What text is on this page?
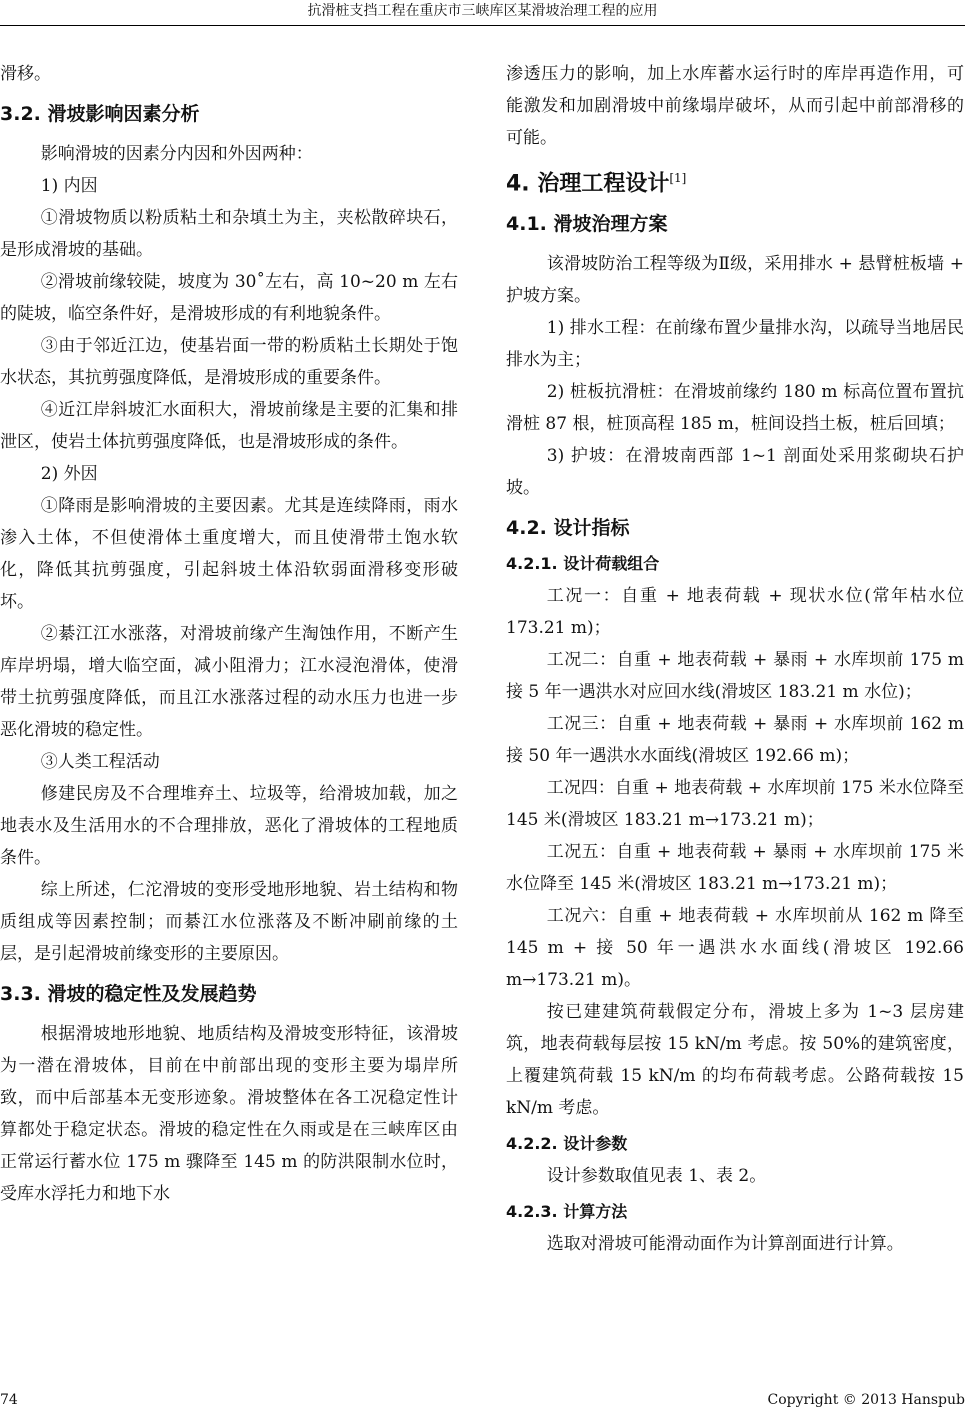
抗滑桩支挡工程在重庆市三峡库区某滑坡治理工程的应用

滑移。

3.2. 滑坡影响因素分析

影响滑坡的因素分内因和外因两种：

1) 内因

①滑坡物质以粉质粘土和杂填土为主，夹松散碎块石，是形成滑坡的基础。

②滑坡前缘较陡，坡度为 30˚左右，高 10~20 m 左右的陡坡，临空条件好，是滑坡形成的有利地貌条件。

③由于邻近江边，使基岩面一带的粉质粘土长期处于饱水状态，其抗剪强度降低，是滑坡形成的重要条件。

④近江岸斜坡汇水面积大，滑坡前缘是主要的汇集和排泄区，使岩土体抗剪强度降低，也是滑坡形成的条件。

2) 外因

①降雨是影响滑坡的主要因素。尤其是连续降雨，雨水渗入土体，不但使滑体土重度增大，而且使滑带土饱水软化，降低其抗剪强度，引起斜坡土体沿软弱面滑移变形破坏。

②綦江江水涨落，对滑坡前缘产生淘蚀作用，不断产生库岸坍塌，增大临空面，减小阻滑力；江水浸泡滑体，使滑带土抗剪强度降低，而且江水涨落过程的动水压力也进一步恶化滑坡的稳定性。

③人类工程活动

修建民房及不合理堆弃土、垃圾等，给滑坡加载，加之地表水及生活用水的不合理排放，恶化了滑坡体的工程地质条件。

综上所述，仁沱滑坡的变形受地形地貌、岩土结构和物质组成等因素控制；而綦江水位涨落及不断冲刷前缘的土层，是引起滑坡前缘变形的主要原因。

3.3. 滑坡的稳定性及发展趋势

根据滑坡地形地貌、地质结构及滑坡变形特征，该滑坡为一潜在滑坡体，目前在中前部出现的变形主要为塌岸所致，而中后部基本无变形迹象。滑坡整体在各工况稳定性计算都处于稳定状态。滑坡的稳定性在久雨或是在三峡库区由正常运行蓄水位 175 m 骤降至 145 m 的防洪限制水位时，受库水浮托力和地下水

渗透压力的影响，加上水库蓄水运行时的库岸再造作用，可能激发和加剧滑坡中前缘塌岸破坏，从而引起中前部滑移的可能。

4. 治理工程设计[1]
4.1. 滑坡治理方案

该滑坡防治工程等级为Ⅱ级，采用排水 + 悬臂桩板墙 + 护坡方案。

1) 排水工程：在前缘布置少量排水沟，以疏导当地居民排水为主；

2) 桩板抗滑桩：在滑坡前缘约 180 m 标高位置布置抗滑桩 87 根，桩顶高程 185 m，桩间设挡土板，桩后回填；

3) 护坡：在滑坡南西部 1~1 剖面处采用浆砌块石护坡。

4.2. 设计指标
4.2.1. 设计荷载组合

工况一：自重 + 地表荷载 + 现状水位(常年枯水位 173.21 m)；

工况二：自重 + 地表荷载 + 暴雨 + 水库坝前 175 m 接 5 年一遇洪水对应回水线(滑坡区 183.21 m 水位)；

工况三：自重 + 地表荷载 + 暴雨 + 水库坝前 162 m 接 50 年一遇洪水水面线(滑坡区 192.66 m)；

工况四：自重 + 地表荷载 + 水库坝前 175 米水位降至 145 米(滑坡区 183.21 m→173.21 m)；

工况五：自重 + 地表荷载 + 暴雨 + 水库坝前 175 米水位降至 145 米(滑坡区 183.21 m→173.21 m)；

工况六：自重 + 地表荷载 + 水库坝前从 162 m 降至 145 m + 接 50 年一遇洪水水面线(滑坡区 192.66 m→173.21 m)。

按已建建筑荷载假定分布，滑坡上多为 1~3 层房建筑，地表荷载每层按 15 kN/m 考虑。按 50%的建筑密度，上覆建筑荷载 15 kN/m 的均布荷载考虑。公路荷载按 15 kN/m 考虑。

4.2.2. 设计参数

设计参数取值见表 1、表 2。

4.2.3. 计算方法

选取对滑坡可能滑动面作为计算剖面进行计算。

74	Copyright © 2013 Hanspub
